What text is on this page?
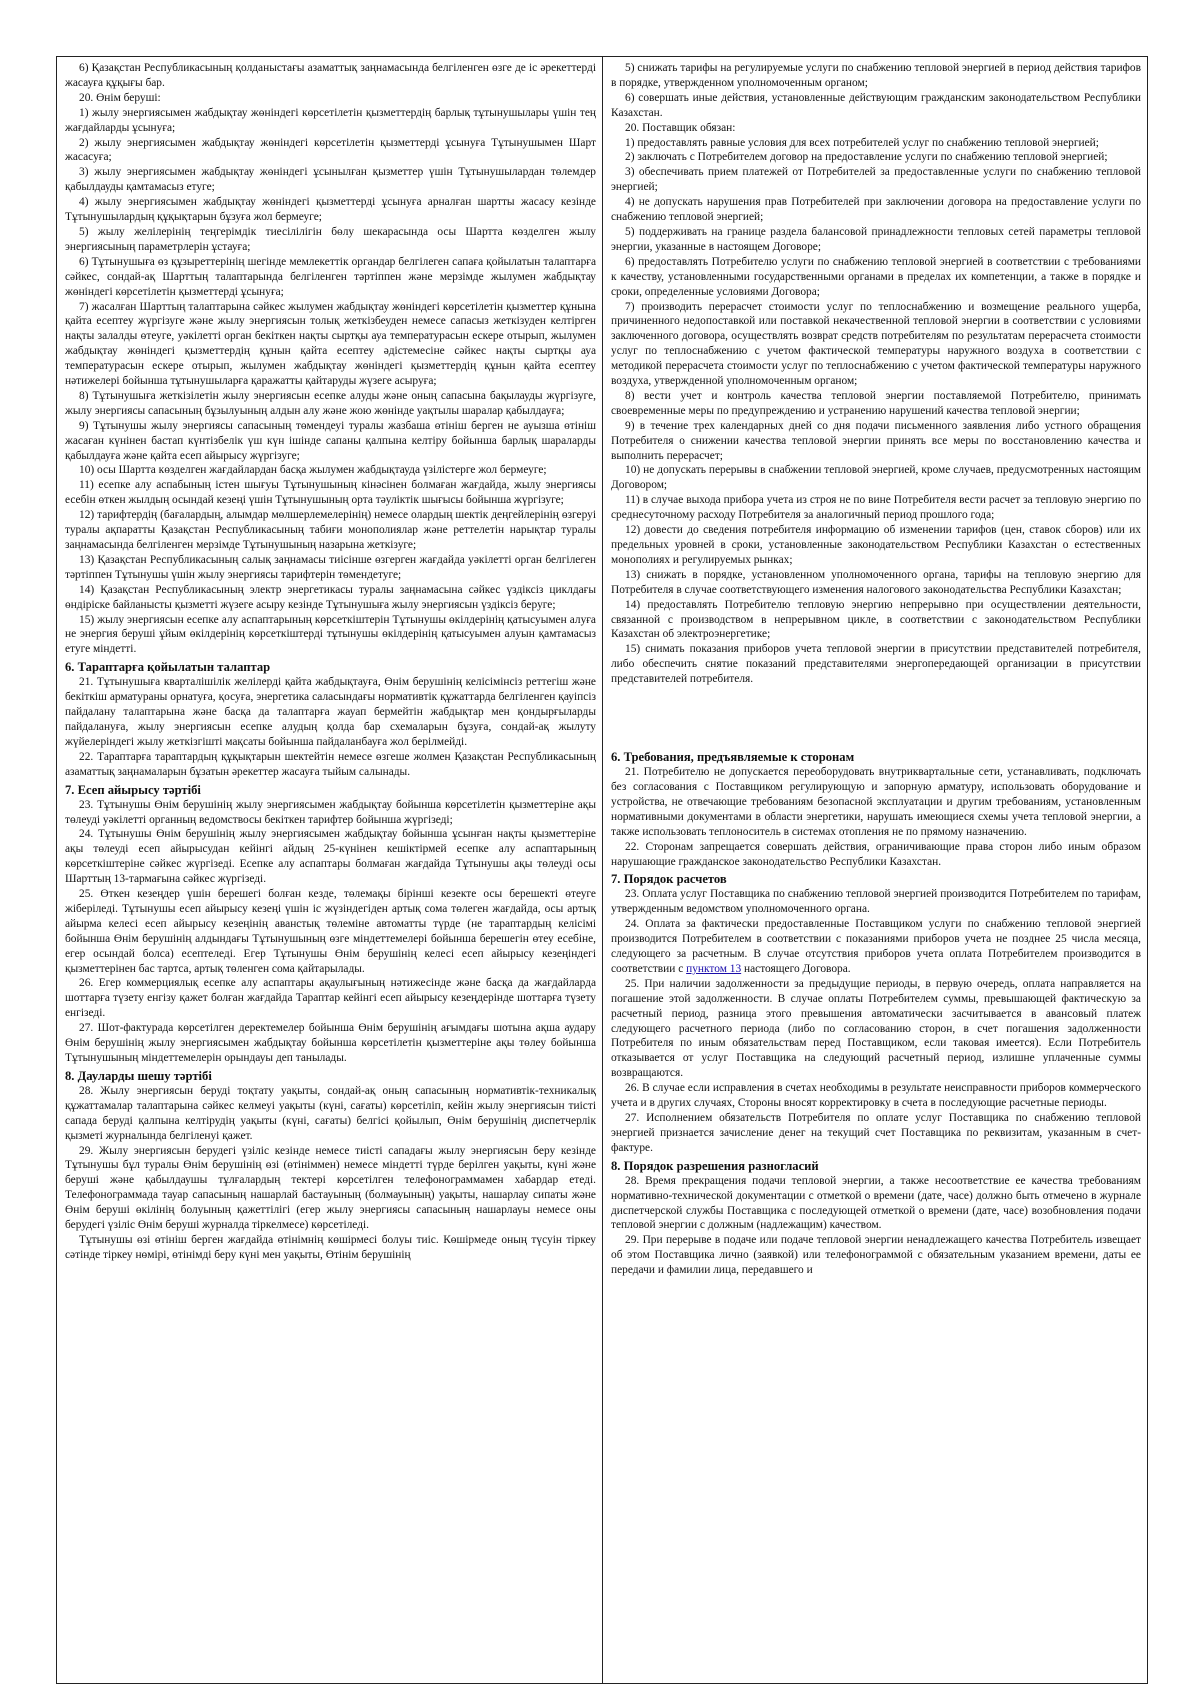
6) Қазақстан Республикасының қолданыстағы азаматтық заңнамасында белгіленген өзге де іс әрекеттерді жасауға құқығы бар.

20. Өнім беруші:

1) жылу энергиясымен жабдықтау жөніндегі көрсетілетін қызметтердің барлық тұтынушылары үшін тең жағдайларды ұсынуға;

2) жылу энергиясымен жабдықтау жөніндегі көрсетілетін қызметтерді ұсынуға Тұтынушымен Шарт жасасуға;

3) жылу энергиясымен жабдықтау жөніндегі ұсынылған қызметтер үшін Тұтынушылардан төлемдер қабылдауды қамтамасыз етуге;

4) жылу энергиясымен жабдықтау жөніндегі қызметтерді ұсынуға арналған шартты жасасу кезінде Тұтынушылардың құқықтарын бұзуға жол бермеуге;

5) жылу желілерінің теңгерімдік тиесілілігін бөлу шекарасында осы Шартта көзделген жылу энергиясының параметрлерін ұстауға;

6) Тұтынушыға өз құзыреттерінің шегінде мемлекеттік органдар белгілеген сапаға қойылатын талаптарға сәйкес, сондай-ақ Шарттың талаптарында белгіленген тәртіппен және мерзімде жылумен жабдықтау жөніндегі көрсетілетін қызметтерді ұсынуға;

7) жасалған Шарттың талаптарына сәйкес жылумен жабдықтау жөніндегі көрсетілетін қызметтер құнына қайта есептеу жүргізуге және жылу энергиясын толық жеткізбеуден немесе сапасыз жеткізуден келтірген нақты залалды өтеуге, уәкілетті орган бекіткен нақты сыртқы ауа температурасын ескере отырып, жылумен жабдықтау жөніндегі қызметтердің құнын қайта есептеу әдістемесіне сәйкес нақты сыртқы ауа температурасын ескере отырып, жылумен жабдықтау жөніндегі қызметтердің құнын қайта есептеу нәтижелері бойынша тұтынушыларға қаражатты қайтаруды жүзеге асыруға;

8) Тұтынушыға жеткізілетін жылу энергиясын есепке алуды және оның сапасына бақылауды жүргізуге, жылу энергиясы сапасының бұзылуының алдын алу және жою жөнінде уақтылы шаралар қабылдауға;

9) Тұтынушы жылу энергиясы сапасының төмендеуі туралы жазбаша өтініш берген не ауызша өтініш жасаған күнінен бастап күнтізбелік үш күн ішінде сапаны қалпына келтіру бойынша барлық шараларды қабылдауға және қайта есеп айырысу жүргізуге;

10) осы Шартта көзделген жағдайлардан басқа жылумен жабдықтауда үзілістерге жол бермеуге;

11) есепке алу аспабының істен шығуы Тұтынушының кінәсінен болмаған жағдайда, жылу энергиясы есебін өткен жылдың осындай кезеңі үшін Тұтынушының орта тәуліктік шығысы бойынша жүргізуге;

12) тарифтердің (бағалардың, алымдар мөлшерлемелерінің) немесе олардың шектік деңгейлерінің өзгеруі туралы ақпаратты Қазақстан Республикасының табиғи монополиялар және реттелетін нарықтар туралы заңнамасында белгіленген мерзімде Тұтынушының назарына жеткізуге;

13) Қазақстан Республикасының салық заңнамасы тиісінше өзгерген жағдайда уәкілетті орган белгілеген тәртіппен Тұтынушы үшін жылу энергиясы тарифтерін төмендетуге;

14) Қазақстан Республикасының электр энергетикасы туралы заңнамасына сәйкес үздіксіз циклдағы өндіріске байланысты қызметті жүзеге асыру кезінде Тұтынушыға жылу энергиясын үздіксіз беруге;

15) жылу энергиясын есепке алу аспаптарының көрсеткіштерін Тұтынушы өкілдерінің қатысуымен алуға не энергия беруші ұйым өкілдерінің көрсеткіштерді тұтынушы өкілдерінің қатысуымен алуын қамтамасыз етуге міндетті.

6. Тараптарға қойылатын талаптар

21. Тұтынушыға кварталішілік желілерді қайта жабдықтауға, Өнім берушінің келісімінсіз реттегіш және бекіткіш арматураны орнатуға, қосуға, энергетика саласындағы нормативтік құжаттарда белгіленген қауіпсіз пайдалану талаптарына және басқа да талаптарға жауап бермейтін жабдықтар мен қондырғыларды пайдалануға, жылу энергиясын есепке алудың қолда бар схемаларын бұзуға, сондай-ақ жылуту жүйелеріндегі жылу жеткізгішті мақсаты бойынша пайдаланбауға жол берілмейді.

22. Тараптарға тараптардың құқықтарын шектейтін немесе өзгеше жолмен Қазақстан Республикасының азаматтық заңнамаларын бұзатын әрекеттер жасауға тыйым салынады.

7. Есеп айырысу тәртібі

23. Тұтынушы Өнім берушінің жылу энергиясымен жабдықтау бойынша көрсетілетін қызметтеріне ақы төлеуді уәкілетті органның ведомствосы бекіткен тарифтер бойынша жүргізеді;

24. Тұтынушы Өнім берушінің жылу энергиясымен жабдықтау бойынша ұсынған нақты қызметтеріне ақы төлеуді есеп айырысудан кейінгі айдың 25-күнінен кешіктірмей есепке алу аспаптарының көрсеткіштеріне сәйкес жүргізеді. Есепке алу аспаптары болмаған жағдайда Тұтынушы ақы төлеуді осы Шарттың 13-тармағына сәйкес жүргізеді.

25. Өткен кезеңдер үшін берешегі болған кезде, төлемақы бірінші кезекте осы берешекті өтеуге жіберіледі. Тұтынушы есеп айырысу кезеңі үшін іс жүзіндегіден артық сома төлеген жағдайда, осы артық айырма келесі есеп айырысу кезеңінің аванстық төлеміне автоматты түрде (не тараптардың келісімі бойынша Өнім берушінің алдындағы Тұтынушының өзге міндеттемелері бойынша берешегін өтеу есебіне, егер осындай болса) есептеледі. Егер Тұтынушы Өнім берушінің келесі есеп айырысу кезеңіндегі қызметтерінен бас тартса, артық төленген сома қайтарылады.

26. Егер коммерциялық есепке алу аспаптары ақаулығының нәтижесінде және басқа да жағдайларда шоттарға түзету енгізу қажет болған жағдайда Тараптар кейінгі есеп айырысу кезеңдерінде шоттарға түзету енгізеді.

27. Шот-фактурада көрсетілген деректемелер бойынша Өнім берушінің ағымдағы шотына ақша аудару Өнім берушінің жылу энергиясымен жабдықтау бойынша көрсетілетін қызметтеріне ақы төлеу бойынша Тұтынушының міндеттемелерін орындауы деп танылады.

8. Дауларды шешу тәртібі

28. Жылу энергиясын беруді тоқтату уақыты, сондай-ақ оның сапасының нормативтік-техникалық құжаттамалар талаптарына сәйкес келмеуі уақыты (күні, сағаты) көрсетіліп, кейін жылу энергиясын тиісті сапада беруді қалпына келтірудің уақыты (күні, сағаты) белгісі қойылып, Өнім берушінің диспетчерлік қызметі журналында белгіленуі қажет.

29. Жылу энергиясын берудегі үзіліс кезінде немесе тиісті сападағы жылу энергиясын беру кезінде Тұтынушы бұл туралы Өнім берушінің өзі (өтініммен) немесе міндетті түрде берілген уақыты, күні және беруші және қабылдаушы тұлғалардың тектері көрсетілген телефонограммамен хабардар етеді. Телефонограммада тауар сапасының нашарлай бастауының (болмауының) уақыты, нашарлау сипаты және Өнім беруші өкілінің болуының қажеттілігі (егер жылу энергиясы сапасының нашарлауы немесе оны берудегі үзіліс Өнім беруші журналда тіркелмесе) көрсетіледі.

Тұтынушы өзі өтініш берген жағдайда өтінімнің көшірмесі болуы тиіс. Көшірмеде оның түсуін тіркеу сәтінде тіркеу нөмірі, өтінімді беру күні мен уақыты, Өтінім берушінің

5) снижать тарифы на регулируемые услуги по снабжению тепловой энергией в период действия тарифов в порядке, утвержденном уполномоченным органом;

6) совершать иные действия, установленные действующим гражданским законодательством Республики Казахстан.

20. Поставщик обязан:

1) предоставлять равные условия для всех потребителей услуг по снабжению тепловой энергией;

2) заключать с Потребителем договор на предоставление услуги по снабжению тепловой энергией;

3) обеспечивать прием платежей от Потребителей за предоставленные услуги по снабжению тепловой энергией;

4) не допускать нарушения прав Потребителей при заключении договора на предоставление услуги по снабжению тепловой энергией;

5) поддерживать на границе раздела балансовой принадлежности тепловых сетей параметры тепловой энергии, указанные в настоящем Договоре;

6) предоставлять Потребителю услуги по снабжению тепловой энергией в соответствии с требованиями к качеству, установленными государственными органами в пределах их компетенции, а также в порядке и сроки, определенные условиями Договора;

7) производить перерасчет стоимости услуг по теплоснабжению и возмещение реального ущерба, причиненного недопоставкой или поставкой некачественной тепловой энергии в соответствии с условиями заключенного договора, осуществлять возврат средств потребителям по результатам перерасчета стоимости услуг по теплоснабжению с учетом фактической температуры наружного воздуха в соответствии с методикой перерасчета стоимости услуг по теплоснабжению с учетом фактической температуры наружного воздуха, утвержденной уполномоченным органом;

8) вести учет и контроль качества тепловой энергии поставляемой Потребителю, принимать своевременные меры по предупреждению и устранению нарушений качества тепловой энергии;

9) в течение трех календарных дней со дня подачи письменного заявления либо устного обращения Потребителя о снижении качества тепловой энергии принять все меры по восстановлению качества и выполнить перерасчет;

10) не допускать перерывы в снабжении тепловой энергией, кроме случаев, предусмотренных настоящим Договором;

11) в случае выхода прибора учета из строя не по вине Потребителя вести расчет за тепловую энергию по среднесуточному расходу Потребителя за аналогичный период прошлого года;

12) довести до сведения потребителя информацию об изменении тарифов (цен, ставок сборов) или их предельных уровней в сроки, установленные законодательством Республики Казахстан о естественных монополиях и регулируемых рынках;

13) снижать в порядке, установленном уполномоченного органа, тарифы на тепловую энергию для Потребителя в случае соответствующего изменения налогового законодательства Республики Казахстан;

14) предоставлять Потребителю тепловую энергию непрерывно при осуществлении деятельности, связанной с производством в непрерывном цикле, в соответствии с законодательством Республики Казахстан об электроэнергетике;

15) снимать показания приборов учета тепловой энергии в присутствии представителей потребителя, либо обеспечить снятие показаний представителями энергопередающей организации в присутствии представителей потребителя.

6. Требования, предъявляемые к сторонам

21. Потребителю не допускается переоборудовать внутриквартальные сети, устанавливать, подключать без согласования с Поставщиком регулирующую и запорную арматуру, использовать оборудование и устройства, не отвечающие требованиям безопасной эксплуатации и другим требованиям, установленным нормативными документами в области энергетики, нарушать имеющиеся схемы учета тепловой энергии, а также использовать теплоноситель в системах отопления не по прямому назначению.

22. Сторонам запрещается совершать действия, ограничивающие права сторон либо иным образом нарушающие гражданское законодательство Республики Казахстан.

7. Порядок расчетов

23. Оплата услуг Поставщика по снабжению тепловой энергией производится Потребителем по тарифам, утвержденным ведомством уполномоченного органа.

24. Оплата за фактически предоставленные Поставщиком услуги по снабжению тепловой энергией производится Потребителем в соответствии с показаниями приборов учета не позднее 25 числа месяца, следующего за расчетным. В случае отсутствия приборов учета оплата Потребителем производится в соответствии с пунктом 13 настоящего Договора.

25. При наличии задолженности за предыдущие периоды, в первую очередь, оплата направляется на погашение этой задолженности. В случае оплаты Потребителем суммы, превышающей фактическую за расчетный период, разница этого превышения автоматически засчитывается в авансовый платеж следующего расчетного периода (либо по согласованию сторон, в счет погашения задолженности Потребителя по иным обязательствам перед Поставщиком, если таковая имеется). Если Потребитель отказывается от услуг Поставщика на следующий расчетный период, излишне уплаченные суммы возвращаются.

26. В случае если исправления в счетах необходимы в результате неисправности приборов коммерческого учета и в других случаях, Стороны вносят корректировку в счета в последующие расчетные периоды.

27. Исполнением обязательств Потребителя по оплате услуг Поставщика по снабжению тепловой энергией признается зачисление денег на текущий счет Поставщика по реквизитам, указанным в счет-фактуре.

8. Порядок разрешения разногласий

28. Время прекращения подачи тепловой энергии, а также несоответствие ее качества требованиям нормативно-технической документации с отметкой о времени (дате, часе) должно быть отмечено в журнале диспетчерской службы Поставщика с последующей отметкой о времени (дате, часе) возобновления подачи тепловой энергии с должным (надлежащим) качеством.

29. При перерыве в подаче или подаче тепловой энергии ненадлежащего качества Потребитель извещает об этом Поставщика лично (заявкой) или телефонограммой с обязательным указанием времени, даты ее передачи и фамилии лица, передавшего и
